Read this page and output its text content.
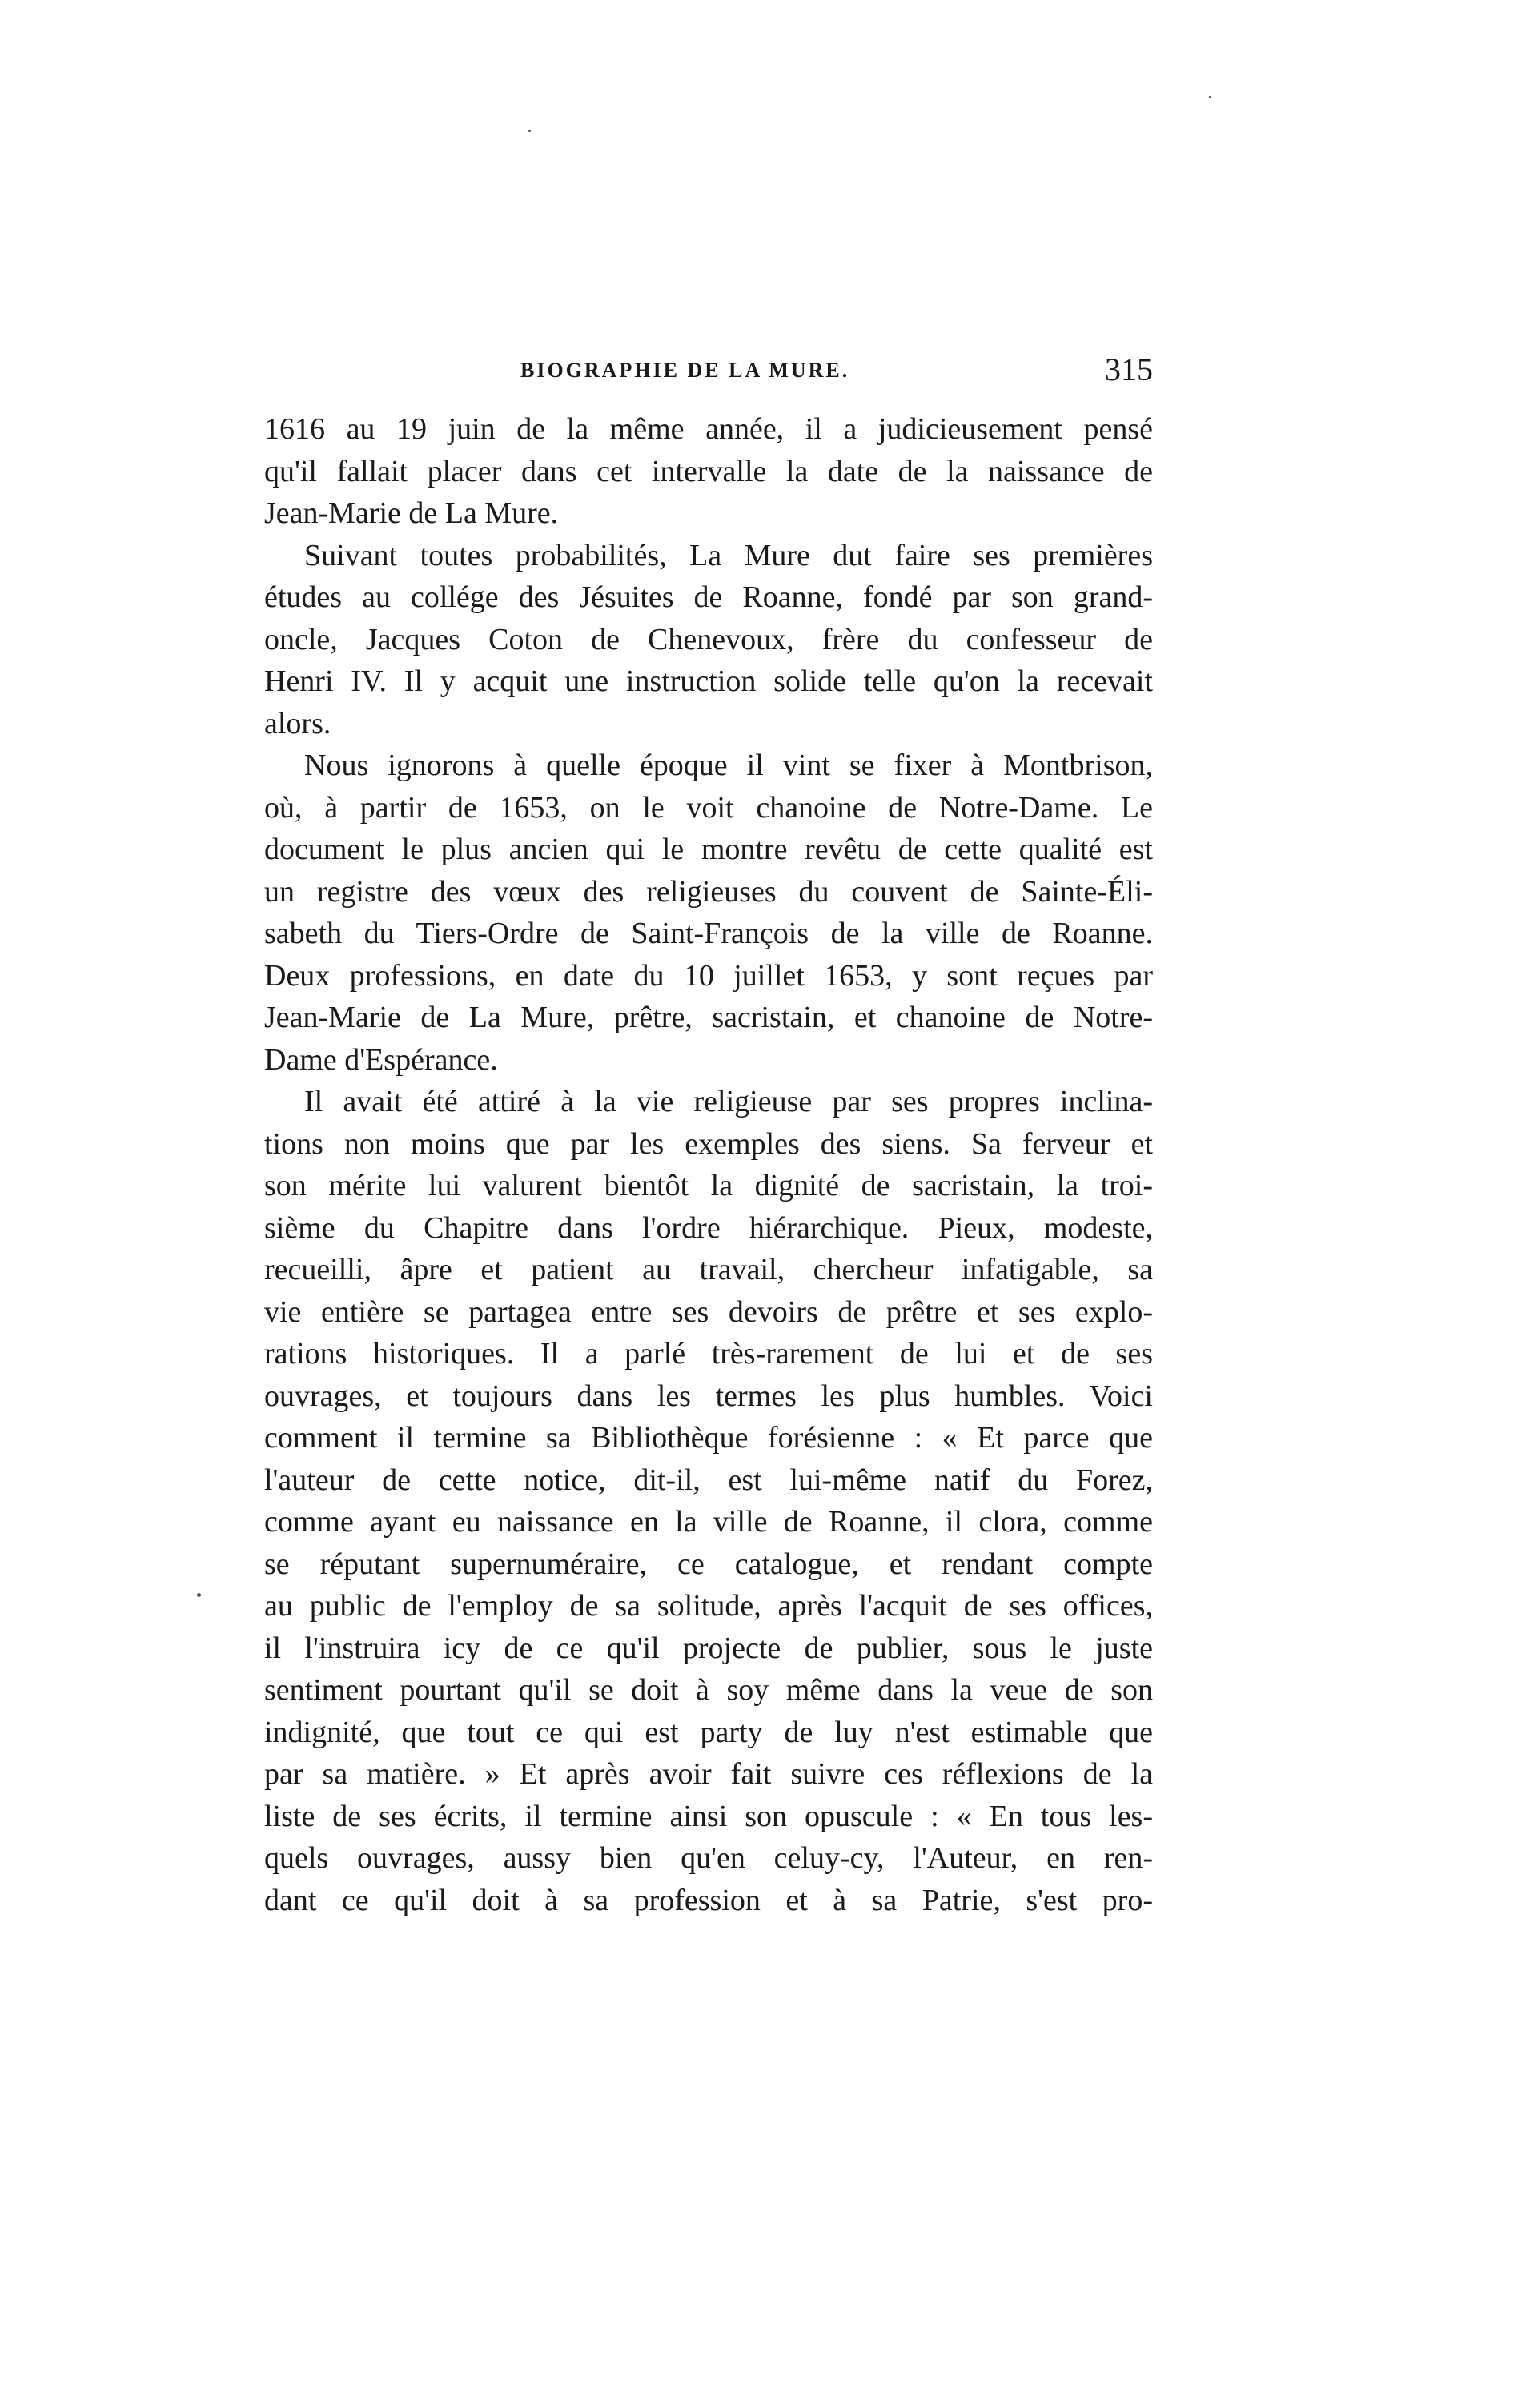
BIOGRAPHIE DE LA MURE.	315
1616 au 19 juin de la même année, il a judicieusement pensé
qu'il fallait placer dans cet intervalle la date de la naissance de
Jean-Marie de La Mure.
Suivant toutes probabilités, La Mure dut faire ses premières
études au collége des Jésuites de Roanne, fondé par son grand-
oncle, Jacques Coton de Chenevoux, frère du confesseur de
Henri IV. Il y acquit une instruction solide telle qu'on la recevait
alors.
Nous ignorons à quelle époque il vint se fixer à Montbrison,
où, à partir de 1653, on le voit chanoine de Notre-Dame. Le
document le plus ancien qui le montre revêtu de cette qualité est
un registre des vœux des religieuses du couvent de Sainte-Éli-
sabeth du Tiers-Ordre de Saint-François de la ville de Roanne.
Deux professions, en date du 10 juillet 1653, y sont reçues par
Jean-Marie de La Mure, prêtre, sacristain, et chanoine de Notre-
Dame d'Espérance.
Il avait été attiré à la vie religieuse par ses propres inclina-
tions non moins que par les exemples des siens. Sa ferveur et
son mérite lui valurent bientôt la dignité de sacristain, la troi-
sième du Chapitre dans l'ordre hiérarchique. Pieux, modeste,
recueilli, âpre et patient au travail, chercheur infatigable, sa
vie entière se partagea entre ses devoirs de prêtre et ses explo-
rations historiques. Il a parlé très-rarement de lui et de ses
ouvrages, et toujours dans les termes les plus humbles. Voici
comment il termine sa Bibliothèque forésienne : « Et parce que
l'auteur de cette notice, dit-il, est lui-même natif du Forez,
comme ayant eu naissance en la ville de Roanne, il clora, comme
se réputant supernuméraire, ce catalogue, et rendant compte
au public de l'employ de sa solitude, après l'acquit de ses offices,
il l'instruira icy de ce qu'il projecte de publier, sous le juste
sentiment pourtant qu'il se doit à soy même dans la veue de son
indignité, que tout ce qui est party de luy n'est estimable que
par sa matière. » Et après avoir fait suivre ces réflexions de la
liste de ses écrits, il termine ainsi son opuscule : « En tous les-
quels ouvrages, aussy bien qu'en celuy-cy, l'Auteur, en ren-
dant ce qu'il doit à sa profession et à sa Patrie, s'est pro-
